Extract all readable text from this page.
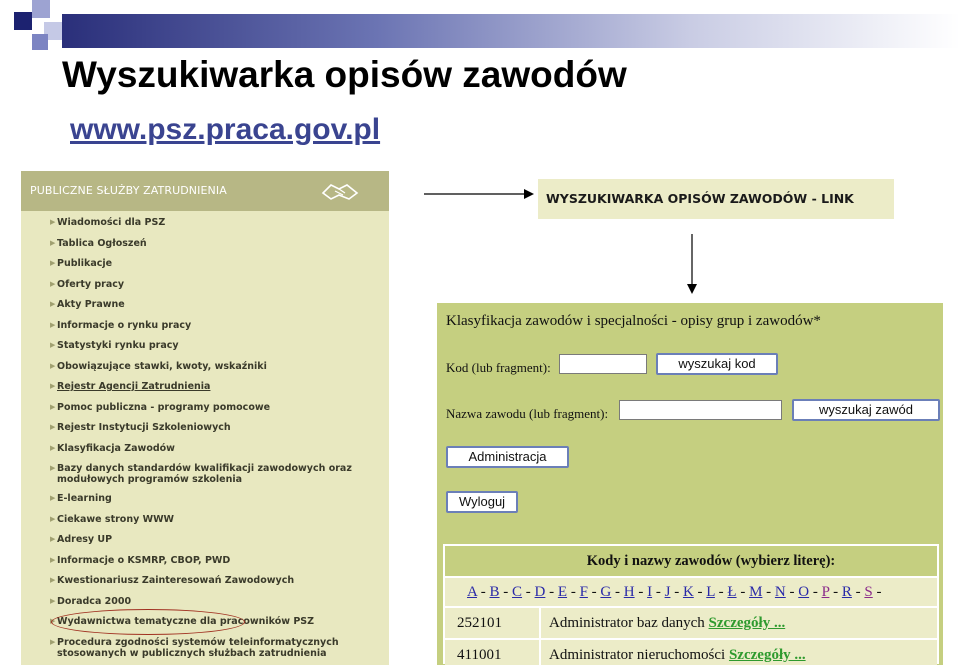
Wyszukiwarka opisów zawodów
www.psz.praca.gov.pl
PUBLICZNE SŁUŻBY ZATRUDNIENIA
▶ Wiadomości dla PSZ
▶ Tablica Ogłoszeń
▶ Publikacje
▶ Oferty pracy
▶ Akty Prawne
▶ Informacje o rynku pracy
▶ Statystyki rynku pracy
▶ Obowiązujące stawki, kwoty, wskaźniki
▶ Rejestr Agencji Zatrudnienia
▶ Pomoc publiczna - programy pomocowe
▶ Rejestr Instytucji Szkoleniowych
▶ Klasyfikacja Zawodów
▶ Bazy danych standardów kwalifikacji zawodowych oraz modułowych programów szkolenia
▶ E-learning
▶ Ciekawe strony WWW
▶ Adresy UP
▶ Informacje o KSMRP, CBOP, PWD
▶ Kwestionariusz Zainteresowań Zawodowych
▶ Doradca 2000
▶ Wydawnictwa tematyczne dla pracowników PSZ
▶ Procedura zgodności systemów teleinformatycznych stosowanych w publicznych służbach zatrudnienia
WYSZUKIWARKA OPISÓW ZAWODÓW - LINK
Klasyfikacja zawodów i specjalności - opisy grup i zawodów*
Kod (lub fragment):	wyszukaj kod
Nazwa zawodu (lub fragment):	wyszukaj zawód
Administracja
Wyloguj
Kody i nazwy zawodów (wybierz literę):
A - B - C - D - E - F - G - H - I - J - K - L - Ł - M - N - O - P - R - S -
252101	Administrator baz danych Szczegóły ...
411001	Administrator nieruchomości Szczegóły ...
